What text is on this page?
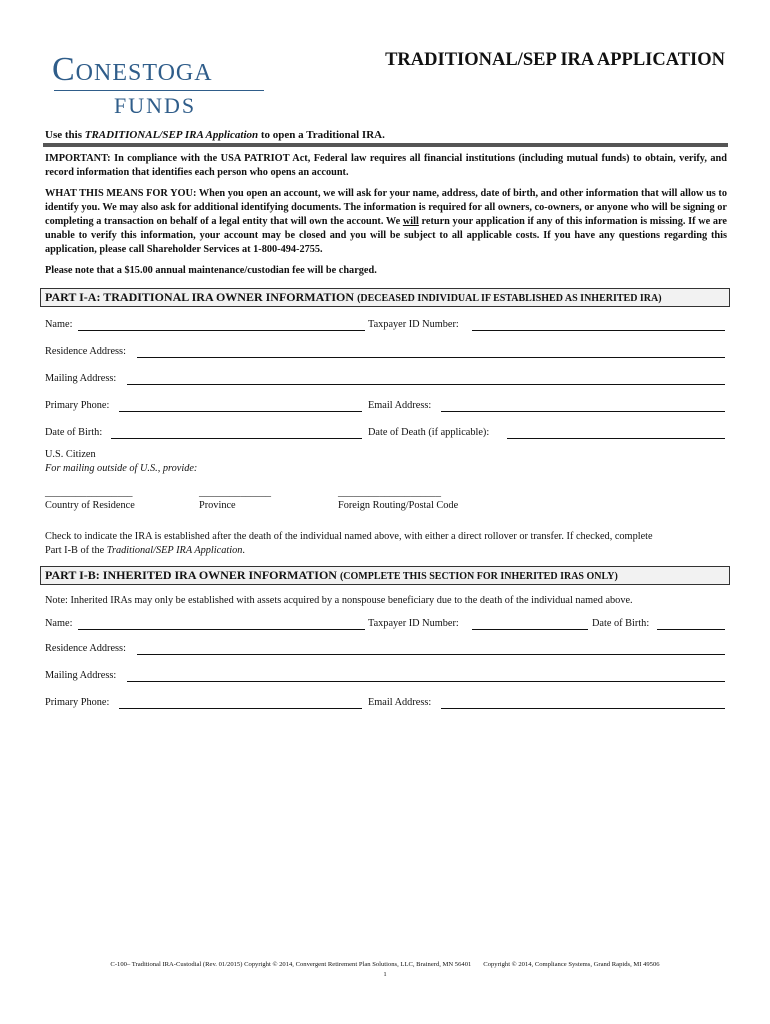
Conestoga
FUNDS
TRADITIONAL/SEP IRA APPLICATION
Use this TRADITIONAL/SEP IRA Application to open a Traditional IRA.
IMPORTANT: In compliance with the USA PATRIOT Act, Federal law requires all financial institutions (including mutual funds) to obtain, verify, and record information that identifies each person who opens an account.
WHAT THIS MEANS FOR YOU: When you open an account, we will ask for your name, address, date of birth, and other information that will allow us to identify you. We may also ask for additional identifying documents. The information is required for all owners, co-owners, or anyone who will be signing or completing a transaction on behalf of a legal entity that will own the account. We will return your application if any of this information is missing. If we are unable to verify this information, your account may be closed and you will be subject to all applicable costs. If you have any questions regarding this application, please call Shareholder Services at 1-800-494-2755.
Please note that a $15.00 annual maintenance/custodian fee will be charged.
PART I-A: TRADITIONAL IRA OWNER INFORMATION (DECEASED INDIVIDUAL IF ESTABLISHED AS INHERITED IRA)
Name:	Taxpayer ID Number:
Residence Address:
Mailing Address:
Primary Phone:	Email Address:
Date of Birth:	Date of Death (if applicable):
U.S. Citizen
For mailing outside of U.S., provide:
_________________	______________	____________________
Country of Residence	Province	Foreign Routing/Postal Code
Check to indicate the IRA is established after the death of the individual named above, with either a direct rollover or transfer. If checked, complete
Part I-B of the Traditional/SEP IRA Application.
PART I-B: INHERITED IRA OWNER INFORMATION (COMPLETE THIS SECTION FOR INHERITED IRAS ONLY)
Note: Inherited IRAs may only be established with assets acquired by a nonspouse beneficiary due to the death of the individual named above.
Name:	Taxpayer ID Number:	Date of Birth:
Residence Address:
Mailing Address:
Primary Phone:	Email Address:
C-100– Traditional IRA-Custodial (Rev. 01/2015) Copyright © 2014, Convergent Retirement Plan Solutions, LLC, Brainerd, MN 56401 Copyright © 2014, Compliance Systems, Grand Rapids, MI 49506
1
